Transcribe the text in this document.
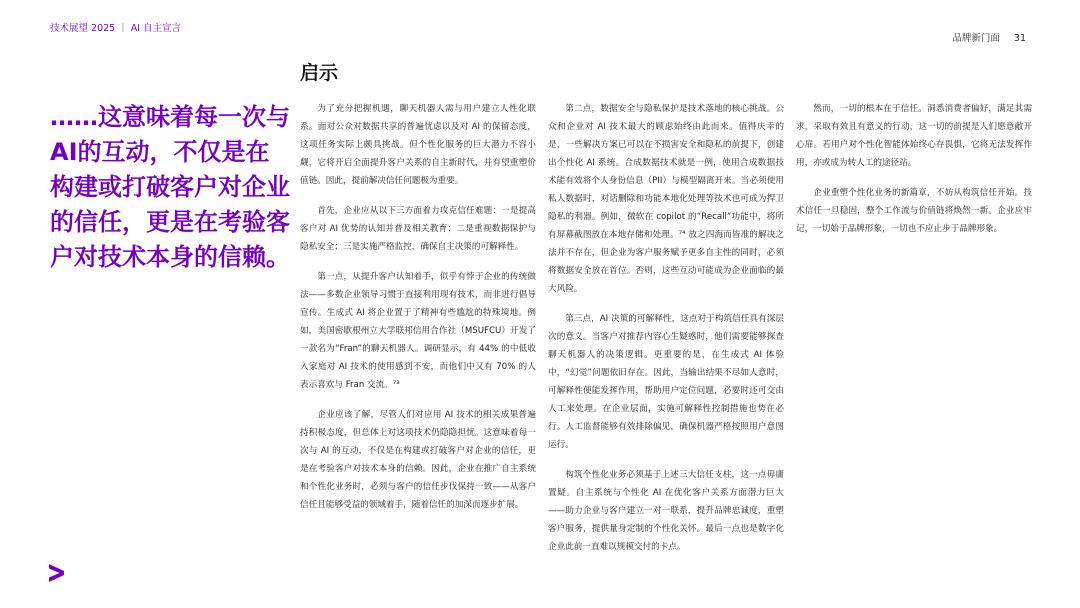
技术展望 2025 ｜ AI 自主宣言
品牌新门面 31
……这意味着每一次与AI的互动，不仅是在构建或打破客户对企业的信任，更是在考验客户对技术本身的信赖。
启示

为了充分把握机遇，聊天机器人需与用户建立人性化联系。面对公众对数据共享的普遍忧虑以及对 AI 的保留态度，这项任务实际上颇具挑战。但个性化服务的巨大潜力不容小觑，它将开启全面提升客户关系的自主新时代，并有望重塑价值链。因此，提前解决信任问题极为重要。

首先，企业应从以下三方面着力攻克信任难题：一是提高客户对 AI 优势的认知并普及相关教育；二是重视数据保护与隐私安全；三是实施严格监控，确保自主决策的可解释性。

第一点，从提升客户认知着手，似乎有悖于企业的传统做法——多数企业领导习惯于直接利用现有技术，而非进行倡导宣传。生成式 AI 将企业置于了精神有些尴尬的特殊境地。例如，美国密歇根州立大学联邦信用合作社（MSUFCU）开发了一款名为“Fran”的聊天机器人。调研显示，有 44% 的中低收入家庭对 AI 技术的使用感到不安，而他们中又有 70% 的人表示喜欢与 Fran 交流。⁷³

企业应该了解，尽管人们对应用 AI 技术的相关成果普遍持积极态度，但总体上对这项技术仍隐隐担忧。这意味着每一次与 AI 的互动，不仅是在构建或打破客户对企业的信任，更是在考验客户对技术本身的信赖。因此，企业在推广自主系统和个性化业务时，必须与客户的信任步伐保持一致——从客户信任且能够受益的领域着手，随着信任的加深而逐步扩展。

第二点，数据安全与隐私保护是技术落地的核心挑战。公众和企业对 AI 技术最大的顾虑始终由此而来。值得庆幸的是，一些解决方案已可以在不损害安全和隐私的前提下，创建出个性化 AI 系统。合成数据技术就是一例，使用合成数据技术能有效将个人身份信息（PII）与模型隔离开来。当必须使用私人数据时，对话删除和功能本地化处理等技术也可成为捍卫隐私的利器。例如，微软在 copilot 的“Recall”功能中，将所有屏幕截图放在本地存储和处理。⁷⁴ 放之四海而皆准的解决之法并不存在，但企业为客户服务赋予更多自主性的同时，必须将数据安全放在首位。否则，这些互动可能成为企业面临的最大风险。

第三点，AI 决策的可解释性，这点对于构筑信任具有深层次的意义。当客户对推荐内容心生疑惑时，他们需要能够探查聊天机器人的决策逻辑。更重要的是，在生成式 AI 体验中，“幻觉”问题依旧存在。因此，当输出结果不尽如人意时，可解释性便能发挥作用，帮助用户定位问题，必要时还可交由人工来处理。在企业层面，实施可解释性控制措施也势在必行。人工监督能够有效排除偏见，确保机器严格按照用户意图运行。

构筑个性化业务必须基于上述三大信任支柱，这一点毋庸置疑。自主系统与个性化 AI 在优化客户关系方面潜力巨大——助力企业与客户建立一对一联系，提升品牌忠诚度，重塑客户服务，提供量身定制的个性化关怀。最后一点也是数字化企业此前一直难以规模交付的卡点。

然而，一切的根本在于信任。洞悉消费者偏好，满足其需求，采取有效且有意义的行动，这一切的前提是人们愿意敞开心扉。若用户对个性化智能体始终心存畏惧，它将无法发挥作用，亦或成为转人工的途径站。

企业重塑个性化业务的新篇章，不妨从构筑信任开始。技术信任一旦稳固，整个工作流与价值链将焕然一新。企业应牢记，一切始于品牌形象，一切也不应止步于品牌形象。
